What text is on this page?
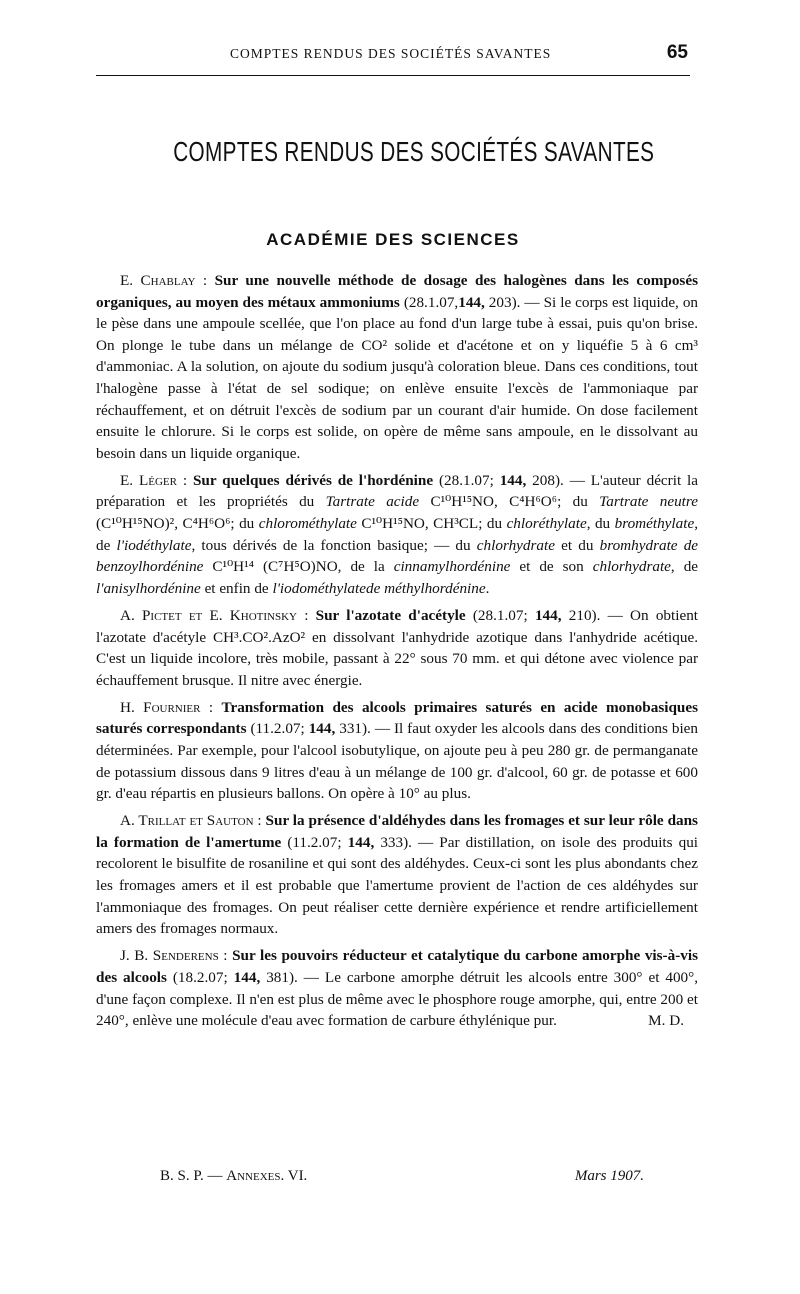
COMPTES RENDUS DES SOCIÉTÉS SAVANTES	65
COMPTES RENDUS DES SOCIÉTÉS SAVANTES
ACADÉMIE DES SCIENCES

E. Chablay : Sur une nouvelle méthode de dosage des halogènes dans les composés organiques, au moyen des métaux ammoniums (28.1.07,144, 203). — Si le corps est liquide, on le pèse dans une ampoule scellée, que l'on place au fond d'un large tube à essai, puis qu'on brise. On plonge le tube dans un mélange de CO² solide et d'acétone et on y liquéfie 5 à 6 cm³ d'ammoniac. A la solution, on ajoute du sodium jusqu'à coloration bleue. Dans ces conditions, tout l'halogène passe à l'état de sel sodique; on enlève ensuite l'excès de l'ammoniaque par réchauffement, et on détruit l'excès de sodium par un courant d'air humide. On dose facilement ensuite le chlorure. Si le corps est solide, on opère de même sans ampoule, en le dissolvant au besoin dans un liquide organique.

E. Léger : Sur quelques dérivés de l'hordénine (28.1.07; 144, 208). — L'auteur décrit la préparation et les propriétés du Tartrate acide C¹⁰H¹⁵NO, C⁴H⁶O⁶; du Tartrate neutre (C¹⁰H¹⁵NO)², C⁴H⁶O⁶; du chlorométhylate C¹⁰H¹⁵NO, CH³CL; du chloréthylate, du brométhylate, de l'iodéthylate, tous dérivés de la fonction basique; — du chlorhydrate et du bromhydrate de benzoylhordénine C¹⁰H¹⁴ (C⁷H⁵O)NO, de la cinnamylhordénine et de son chlorhydrate, de l'anisylhordénine et enfin de l'iodométhylatede méthylhordénine.

A. Pictet et E. Khotinsky : Sur l'azotate d'acétyle (28.1.07; 144, 210). — On obtient l'azotate d'acétyle CH³.CO².AzO² en dissolvant l'anhydride azotique dans l'anhydride acétique. C'est un liquide incolore, très mobile, passant à 22° sous 70 mm. et qui détone avec violence par échauffement brusque. Il nitre avec énergie.

H. Fournier : Transformation des alcools primaires saturés en acide monobasiques saturés correspondants (11.2.07; 144, 331). — Il faut oxyder les alcools dans des conditions bien déterminées. Par exemple, pour l'alcool isobutylique, on ajoute peu à peu 280 gr. de permanganate de potassium dissous dans 9 litres d'eau à un mélange de 100 gr. d'alcool, 60 gr. de potasse et 600 gr. d'eau répartis en plusieurs ballons. On opère à 10° au plus.

A. Trillat et Sauton : Sur la présence d'aldéhydes dans les fromages et sur leur rôle dans la formation de l'amertume (11.2.07; 144, 333). — Par distillation, on isole des produits qui recolorent le bisulfite de rosaniline et qui sont des aldéhydes. Ceux-ci sont les plus abondants chez les fromages amers et il est probable que l'amertume provient de l'action de ces aldéhydes sur l'ammoniaque des fromages. On peut réaliser cette dernière expérience et rendre artificiellement amers des fromages normaux.

J. B. Senderens : Sur les pouvoirs réducteur et catalytique du carbone amorphe vis-à-vis des alcools (18.2.07; 144, 381). — Le carbone amorphe détruit les alcools entre 300° et 400°, d'une façon complexe. Il n'en est plus de même avec le phosphore rouge amorphe, qui, entre 200 et 240°, enlève une molécule d'eau avec formation de carbure éthylénique pur.	M. D.

B. S. P. — Annexes. VI.	Mars 1907.
